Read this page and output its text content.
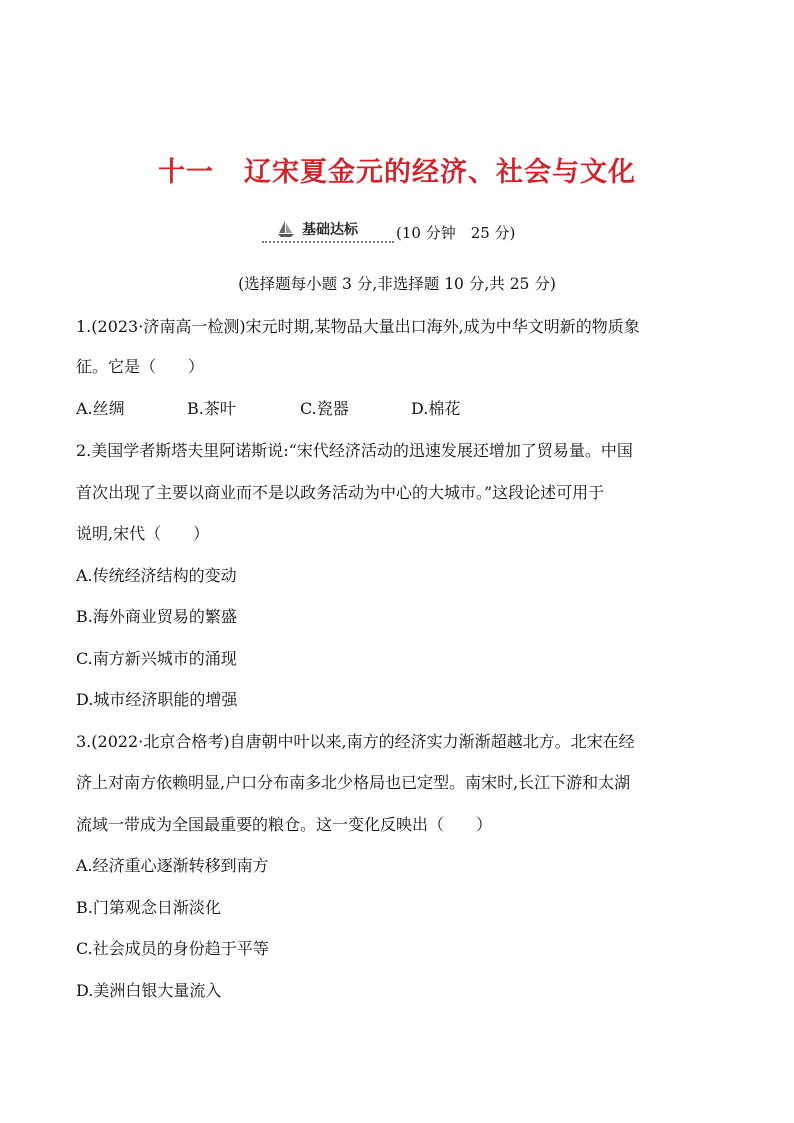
十一 辽宋夏金元的经济、社会与文化
基础达标	(10 分钟　25 分)
(选择题每小题 3 分,非选择题 10 分,共 25 分)
1.(2023·济南高一检测)宋元时期,某物品大量出口海外,成为中华文明新的物质象
征。它是（　　）
A.丝绸	B.茶叶	C.瓷器	D.棉花
2.美国学者斯塔夫里阿诺斯说:“宋代经济活动的迅速发展还增加了贸易量。中国
首次出现了主要以商业而不是以政务活动为中心的大城市。”这段论述可用于
说明,宋代（　　）
A.传统经济结构的变动
B.海外商业贸易的繁盛
C.南方新兴城市的涌现
D.城市经济职能的增强
3.(2022·北京合格考)自唐朝中叶以来,南方的经济实力渐渐超越北方。北宋在经
济上对南方依赖明显,户口分布南多北少格局也已定型。南宋时,长江下游和太湖
流域一带成为全国最重要的粮仓。这一变化反映出（　　）
A.经济重心逐渐转移到南方
B.门第观念日渐淡化
C.社会成员的身份趋于平等
D.美洲白银大量流入
